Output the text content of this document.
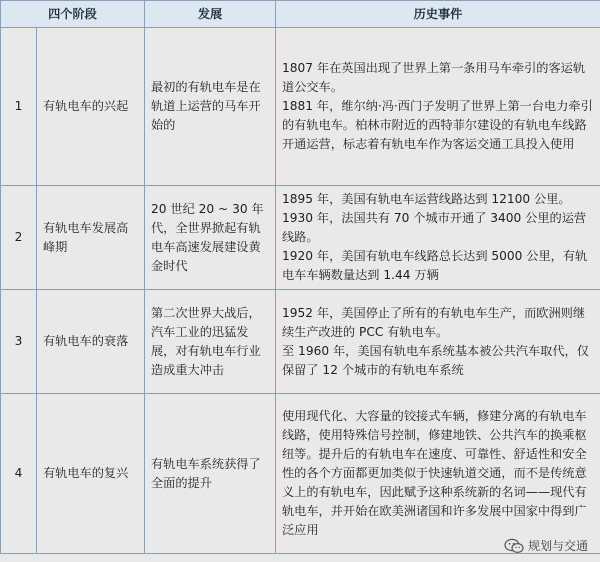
四个阶段		发展	历史事件
1	有轨电车的兴起	最初的有轨电车是在轨道上运营的马车开始的	1807 年在英国出现了世界上第一条用马车牵引的客运轨道公交车。

1881 年，维尔纳·冯·西门子发明了世界上第一台电力牵引的有轨电车。柏林市附近的西特菲尔建设的有轨电车线路开通运营，标志着有轨电车作为客运交通工具投入使用

2	有轨电车发展高峰期	20 世纪 20 ~ 30 年代，全世界掀起有轨电车高速发展建设黄金时代	1895 年，美国有轨电车运营线路达到 12100 公里。

1930 年，法国共有 70 个城市开通了 3400 公里的运营线路。

1920 年，美国有轨电车线路总长达到 5000 公里，有轨电车车辆数量达到 1.44 万辆

3	有轨电车的衰落	第二次世界大战后，汽车工业的迅猛发展，对有轨电车行业造成重大冲击	1952 年，美国停止了所有的有轨电车生产，而欧洲则继续生产改进的 PCC 有轨电车。

至 1960 年，美国有轨电车系统基本被公共汽车取代，仅保留了 12 个城市的有轨电车系统

4	有轨电车的复兴	有轨电车系统获得了全面的提升	使用现代化、大容量的铰接式车辆，修建分离的有轨电车线路，使用特殊信号控制，修建地铁、公共汽车的换乘枢纽等。提升后的有轨电车在速度、可靠性、舒适性和安全性的各个方面都更加类似于快速轨道交通，而不是传统意义上的有轨电车，因此赋予这种系统新的名词——现代有轨电车，并开始在欧美洲诸国和许多发展中国家中得到广泛应用

规划与交通
